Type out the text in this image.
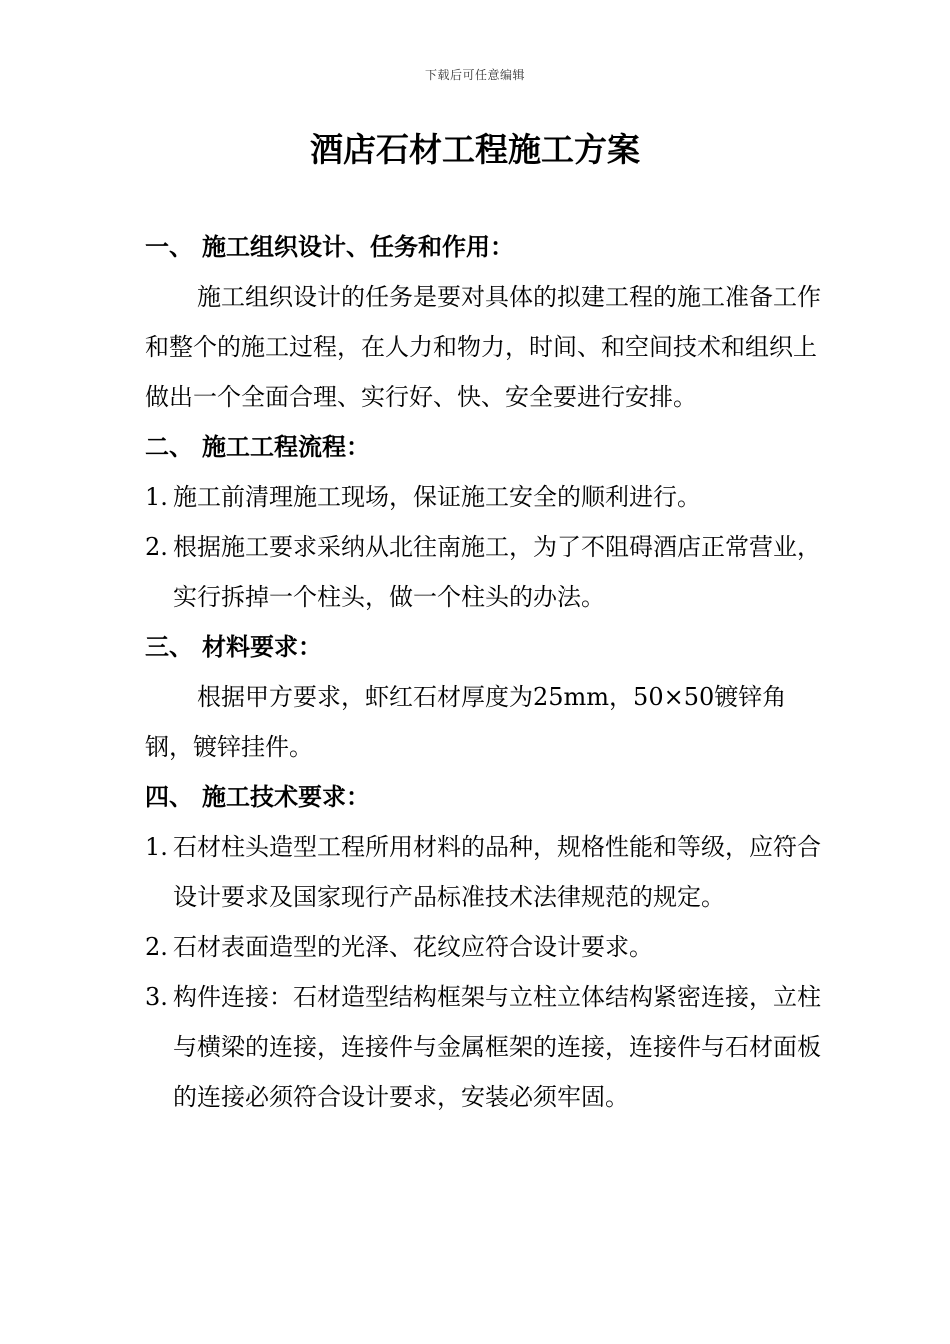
下载后可任意编辑
酒店石材工程施工方案
一、 施工组织设计、任务和作用：

施工组织设计的任务是要对具体的拟建工程的施工准备工作和整个的施工过程，在人力和物力，时间、和空间技术和组织上做出一个全面合理、实行好、快、安全要进行安排。

二、 施工工程流程：

1. 施工前清理施工现场，保证施工安全的顺利进行。

2. 根据施工要求采纳从北往南施工，为了不阻碍酒店正常营业，实行拆掉一个柱头，做一个柱头的办法。

三、 材料要求：

根据甲方要求，虾红石材厚度为25mm，50×50镀锌角钢，镀锌挂件。

四、 施工技术要求：

1. 石材柱头造型工程所用材料的品种，规格性能和等级，应符合设计要求及国家现行产品标准技术法律规范的规定。

2. 石材表面造型的光泽、花纹应符合设计要求。

3. 构件连接：石材造型结构框架与立柱立体结构紧密连接，立柱与横梁的连接，连接件与金属框架的连接，连接件与石材面板的连接必须符合设计要求，安装必须牢固。
